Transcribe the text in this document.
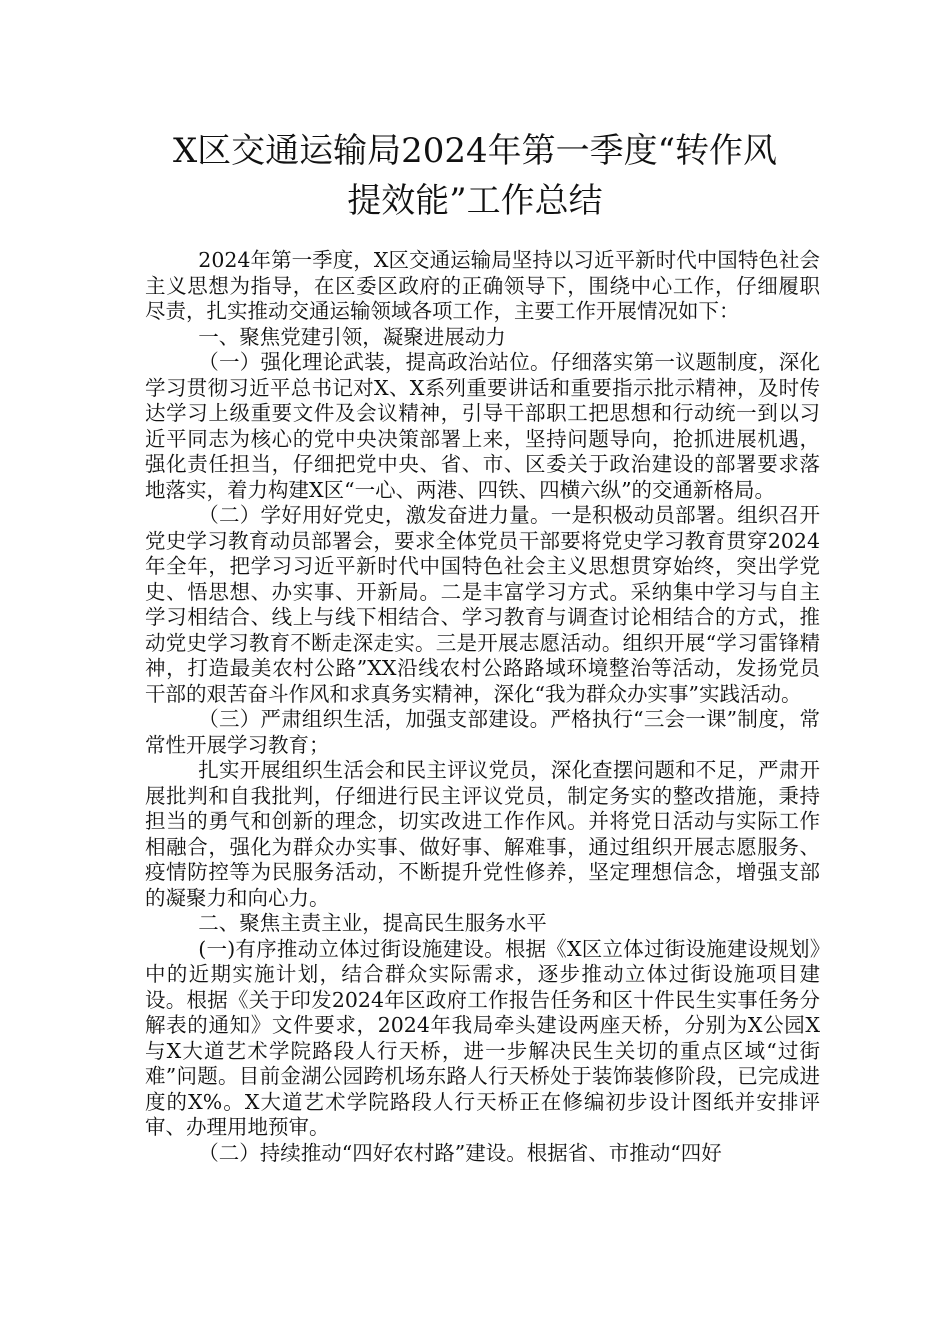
X区交通运输局2024年第一季度“转作风
提效能”工作总结

2024年第一季度，X区交通运输局坚持以习近平新时代中国特色社会主义思想为指导，在区委区政府的正确领导下，围绕中心工作，仔细履职尽责，扎实推动交通运输领域各项工作，主要工作开展情况如下：

一、聚焦党建引领，凝聚进展动力

（一）强化理论武装，提高政治站位。仔细落实第一议题制度，深化学习贯彻习近平总书记对X、X系列重要讲话和重要指示批示精神，及时传达学习上级重要文件及会议精神，引导干部职工把思想和行动统一到以习近平同志为核心的党中央决策部署上来，坚持问题导向，抢抓进展机遇，强化责任担当，仔细把党中央、省、市、区委关于政治建设的部署要求落地落实，着力构建X区“一心、两港、四铁、四横六纵”的交通新格局。

（二）学好用好党史，激发奋进力量。一是积极动员部署。组织召开党史学习教育动员部署会，要求全体党员干部要将党史学习教育贯穿2024年全年，把学习习近平新时代中国特色社会主义思想贯穿始终，突出学党史、悟思想、办实事、开新局。二是丰富学习方式。采纳集中学习与自主学习相结合、线上与线下相结合、学习教育与调查讨论相结合的方式，推动党史学习教育不断走深走实。三是开展志愿活动。组织开展“学习雷锋精神，打造最美农村公路”XX沿线农村公路路域环境整治等活动，发扬党员干部的艰苦奋斗作风和求真务实精神，深化“我为群众办实事”实践活动。

（三）严肃组织生活，加强支部建设。严格执行“三会一课”制度，常常性开展学习教育；

扎实开展组织生活会和民主评议党员，深化查摆问题和不足，严肃开展批判和自我批判，仔细进行民主评议党员，制定务实的整改措施，秉持担当的勇气和创新的理念，切实改进工作作风。并将党日活动与实际工作相融合，强化为群众办实事、做好事、解难事，通过组织开展志愿服务、疫情防控等为民服务活动，不断提升党性修养，坚定理想信念，增强支部的凝聚力和向心力。

二、聚焦主责主业，提高民生服务水平

(一)有序推动立体过街设施建设。根据《X区立体过街设施建设规划》中的近期实施计划，结合群众实际需求，逐步推动立体过街设施项目建设。根据《关于印发2024年区政府工作报告任务和区十件民生实事任务分解表的通知》文件要求，2024年我局牵头建设两座天桥，分别为X公园X与X大道艺术学院路段人行天桥，进一步解决民生关切的重点区域“过街难”问题。目前金湖公园跨机场东路人行天桥处于装饰装修阶段，已完成进度的X%。X大道艺术学院路段人行天桥正在修编初步设计图纸并安排评审、办理用地预审。

（二）持续推动“四好农村路”建设。根据省、市推动“四好
